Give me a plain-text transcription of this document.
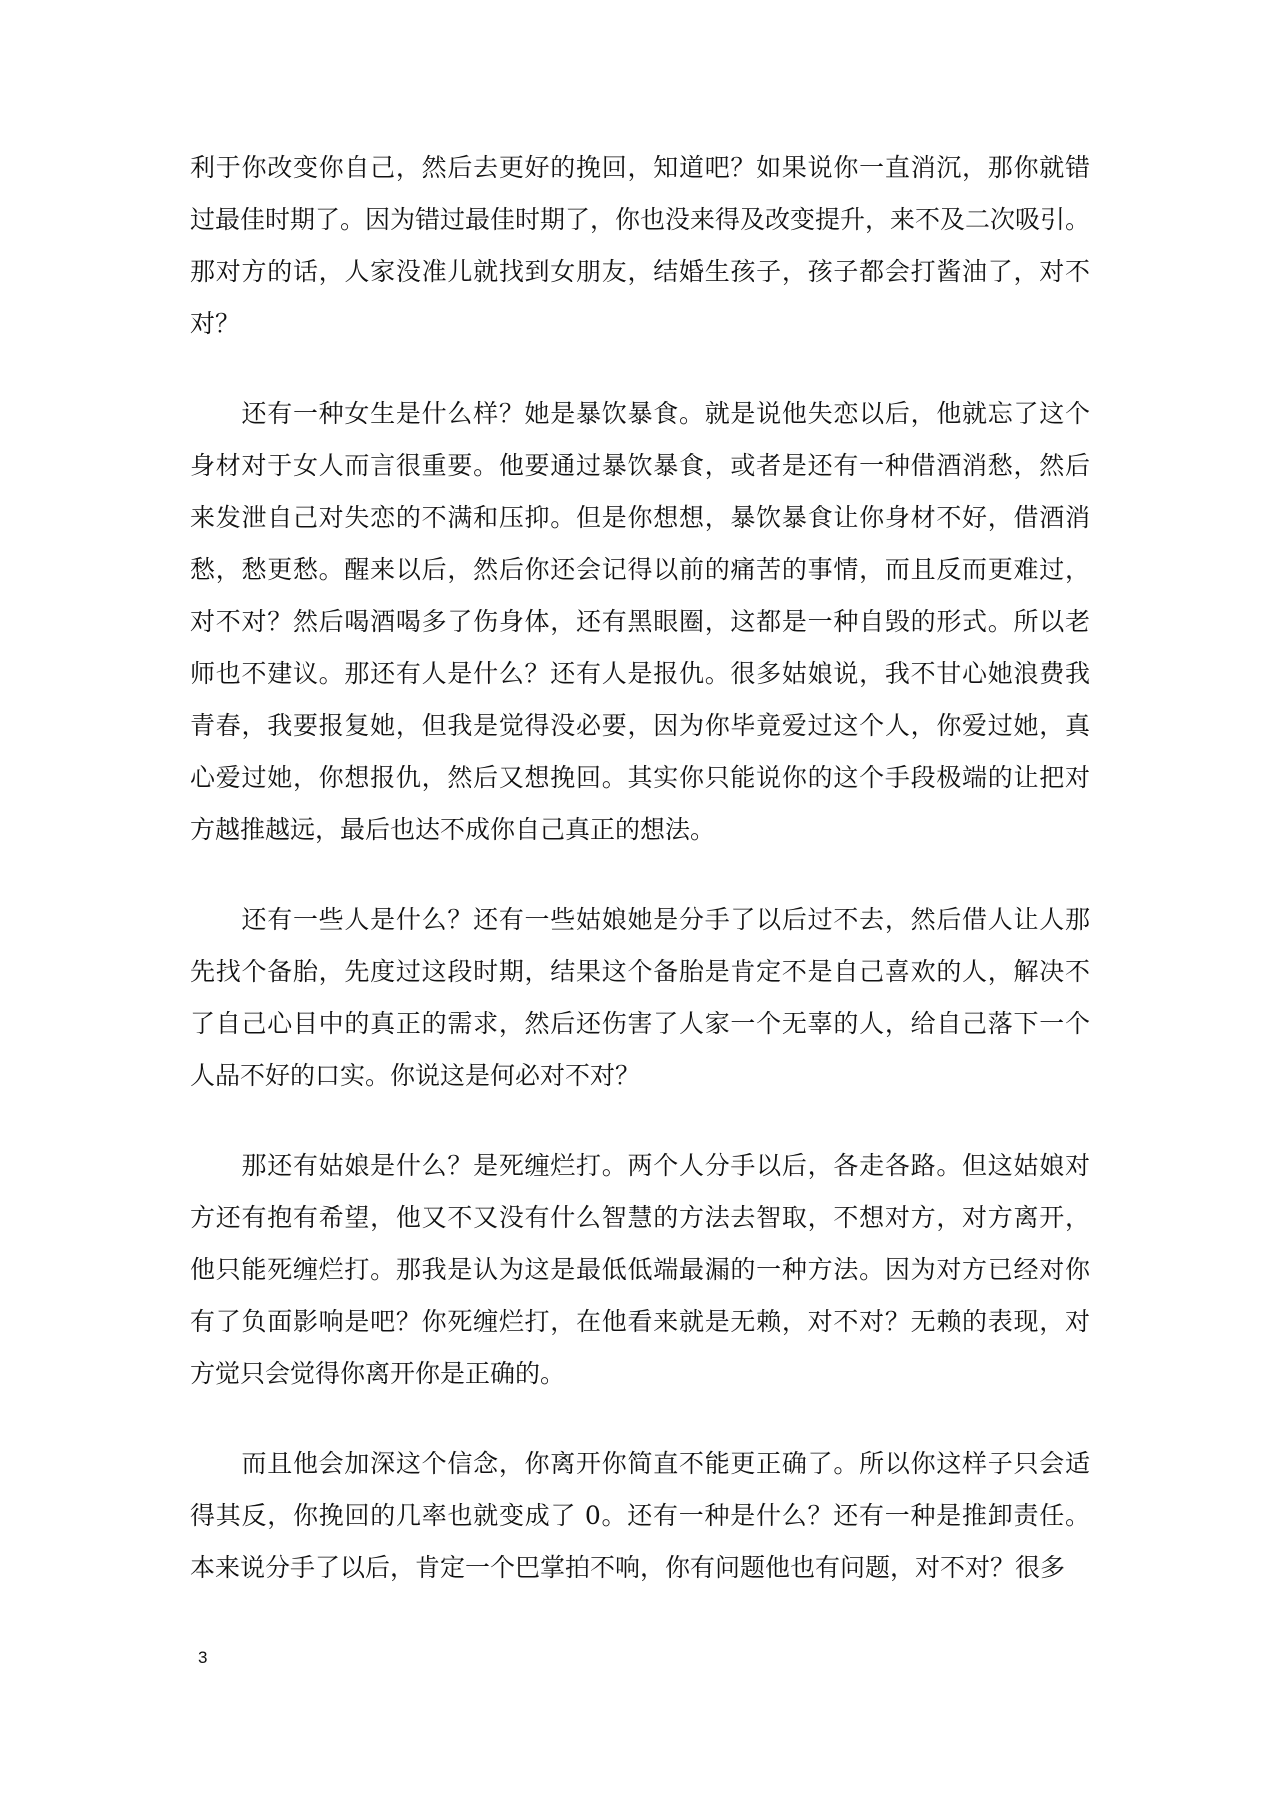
利于你改变你自己，然后去更好的挽回，知道吧？如果说你一直消沉，那你就错
过最佳时期了。因为错过最佳时期了，你也没来得及改变提升，来不及二次吸引。
那对方的话，人家没准儿就找到女朋友，结婚生孩子，孩子都会打酱油了，对不
对？

　　还有一种女生是什么样？她是暴饮暴食。就是说他失恋以后，他就忘了这个
身材对于女人而言很重要。他要通过暴饮暴食，或者是还有一种借酒消愁，然后
来发泄自己对失恋的不满和压抑。但是你想想，暴饮暴食让你身材不好，借酒消
愁，愁更愁。醒来以后，然后你还会记得以前的痛苦的事情，而且反而更难过，
对不对？然后喝酒喝多了伤身体，还有黑眼圈，这都是一种自毁的形式。所以老
师也不建议。那还有人是什么？还有人是报仇。很多姑娘说，我不甘心她浪费我
青春，我要报复她，但我是觉得没必要，因为你毕竟爱过这个人，你爱过她，真
心爱过她，你想报仇，然后又想挽回。其实你只能说你的这个手段极端的让把对
方越推越远，最后也达不成你自己真正的想法。

　　还有一些人是什么？还有一些姑娘她是分手了以后过不去，然后借人让人那
先找个备胎，先度过这段时期，结果这个备胎是肯定不是自己喜欢的人，解决不
了自己心目中的真正的需求，然后还伤害了人家一个无辜的人，给自己落下一个
人品不好的口实。你说这是何必对不对？

　　那还有姑娘是什么？是死缠烂打。两个人分手以后，各走各路。但这姑娘对
方还有抱有希望，他又不又没有什么智慧的方法去智取，不想对方，对方离开，
他只能死缠烂打。那我是认为这是最低低端最漏的一种方法。因为对方已经对你
有了负面影响是吧？你死缠烂打，在他看来就是无赖，对不对？无赖的表现，对
方觉只会觉得你离开你是正确的。

　　而且他会加深这个信念，你离开你简直不能更正确了。所以你这样子只会适
得其反，你挽回的几率也就变成了 0。还有一种是什么？还有一种是推卸责任。
本来说分手了以后，肯定一个巴掌拍不响，你有问题他也有问题，对不对？很多

3
